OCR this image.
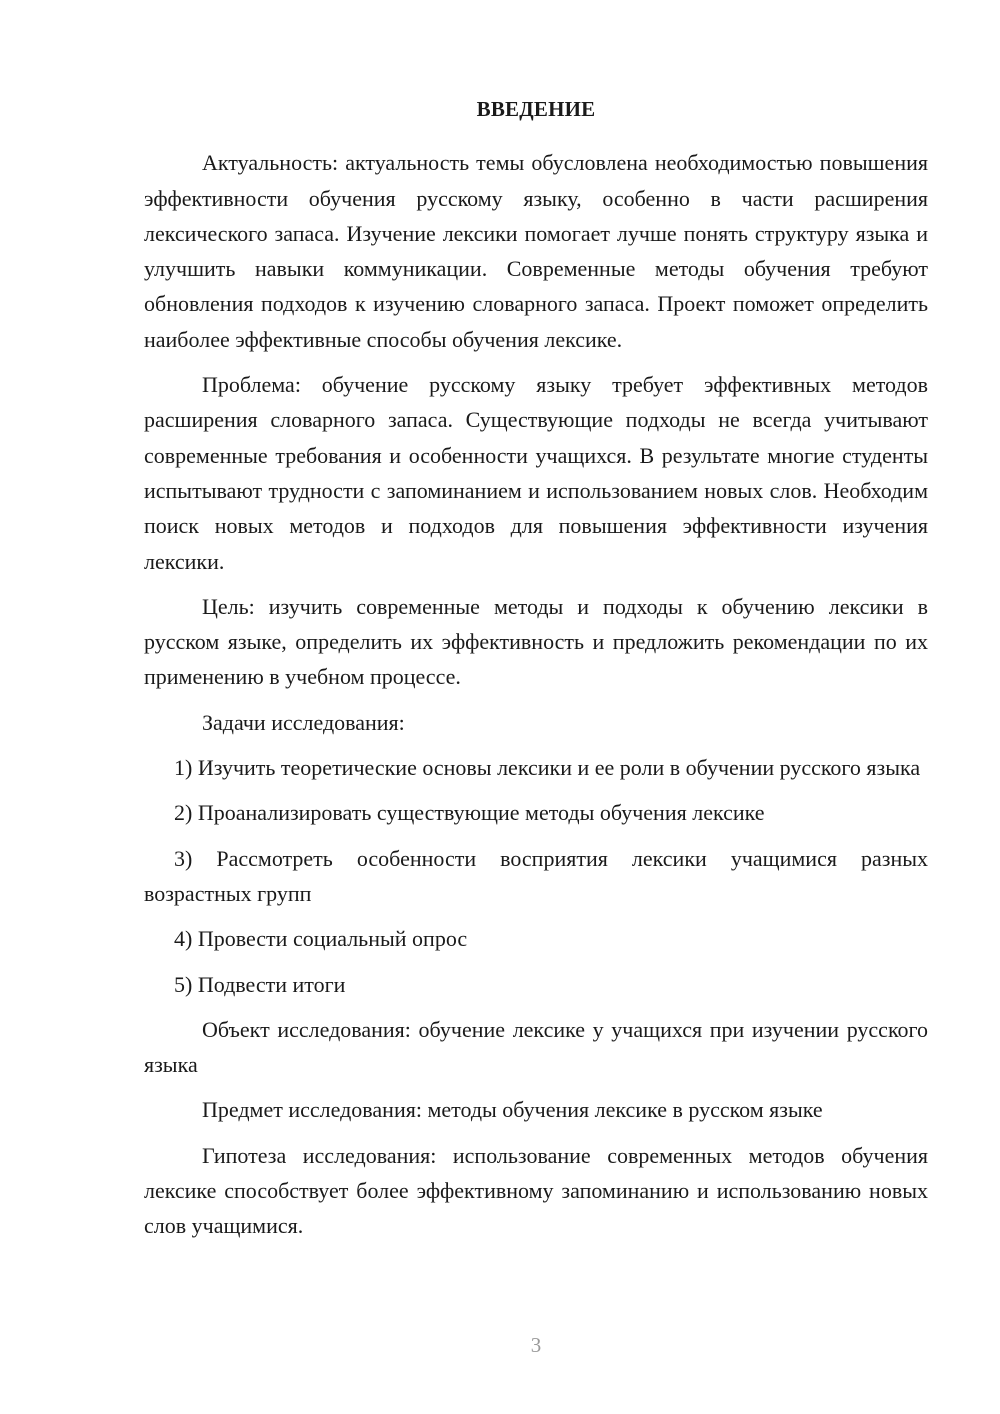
ВВЕДЕНИЕ

Актуальность: актуальность темы обусловлена необходимостью повышения эффективности обучения русскому языку, особенно в части расширения лексического запаса. Изучение лексики помогает лучше понять структуру языка и улучшить навыки коммуникации. Современные методы обучения требуют обновления подходов к изучению словарного запаса. Проект поможет определить наиболее эффективные способы обучения лексике.

Проблема: обучение русскому языку требует эффективных методов расширения словарного запаса. Существующие подходы не всегда учитывают современные требования и особенности учащихся. В результате многие студенты испытывают трудности с запоминанием и использованием новых слов. Необходим поиск новых методов и подходов для повышения эффективности изучения лексики.

Цель: изучить современные методы и подходы к обучению лексики в русском языке, определить их эффективность и предложить рекомендации по их применению в учебном процессе.

Задачи исследования:

1) Изучить теоретические основы лексики и ее роли в обучении русского языка

2) Проанализировать существующие методы обучения лексике

3) Рассмотреть особенности восприятия лексики учащимися разных возрастных групп

4) Провести социальный опрос

5) Подвести итоги

Объект исследования: обучение лексике у учащихся при изучении русского языка

Предмет исследования: методы обучения лексике в русском языке

Гипотеза исследования: использование современных методов обучения лексике способствует более эффективному запоминанию и использованию новых слов учащимися.

3
